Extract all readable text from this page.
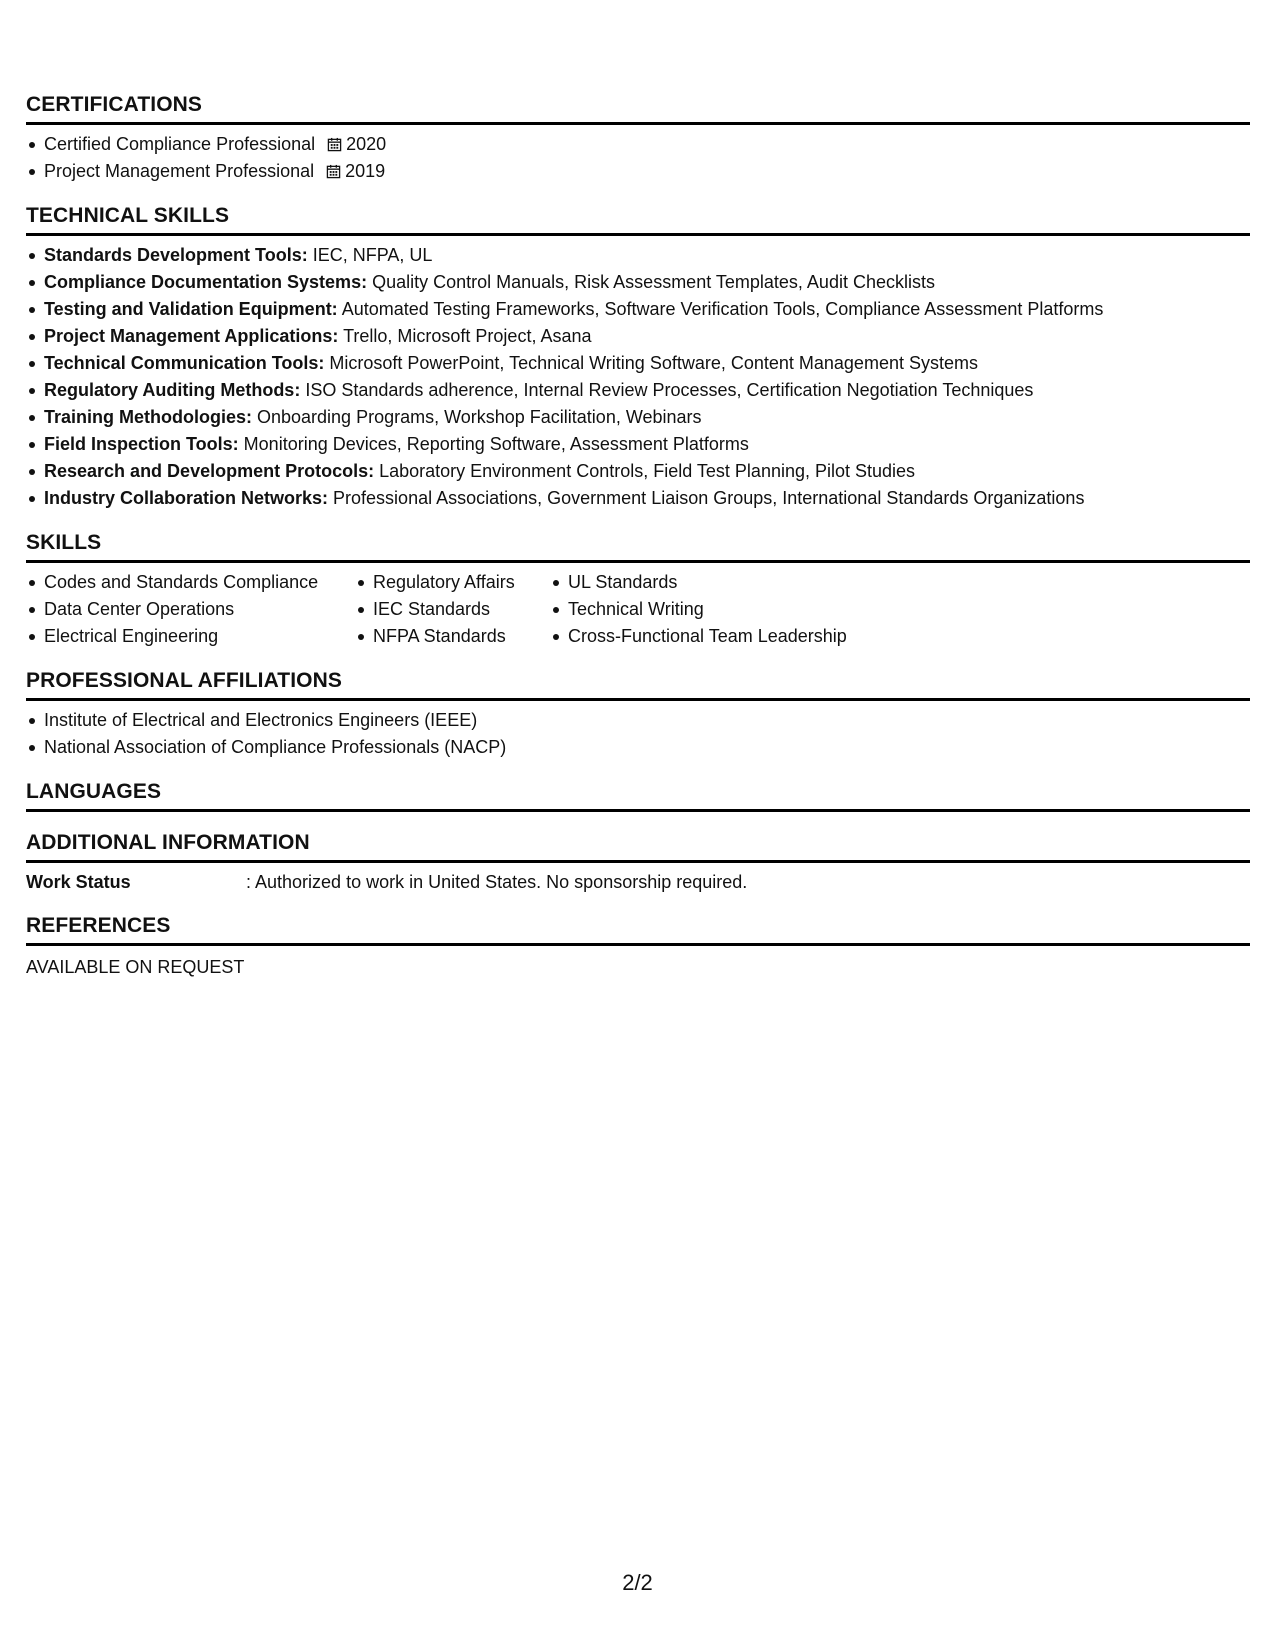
CERTIFICATIONS
Certified Compliance Professional 2020
Project Management Professional 2019
TECHNICAL SKILLS
Standards Development Tools: IEC, NFPA, UL
Compliance Documentation Systems: Quality Control Manuals, Risk Assessment Templates, Audit Checklists
Testing and Validation Equipment: Automated Testing Frameworks, Software Verification Tools, Compliance Assessment Platforms
Project Management Applications: Trello, Microsoft Project, Asana
Technical Communication Tools: Microsoft PowerPoint, Technical Writing Software, Content Management Systems
Regulatory Auditing Methods: ISO Standards adherence, Internal Review Processes, Certification Negotiation Techniques
Training Methodologies: Onboarding Programs, Workshop Facilitation, Webinars
Field Inspection Tools: Monitoring Devices, Reporting Software, Assessment Platforms
Research and Development Protocols: Laboratory Environment Controls, Field Test Planning, Pilot Studies
Industry Collaboration Networks: Professional Associations, Government Liaison Groups, International Standards Organizations
SKILLS
Codes and Standards Compliance
Data Center Operations
Electrical Engineering
Regulatory Affairs
IEC Standards
NFPA Standards
UL Standards
Technical Writing
Cross-Functional Team Leadership
PROFESSIONAL AFFILIATIONS
Institute of Electrical and Electronics Engineers (IEEE)
National Association of Compliance Professionals (NACP)
LANGUAGES
ADDITIONAL INFORMATION
Work Status	: Authorized to work in United States. No sponsorship required.
REFERENCES
AVAILABLE ON REQUEST
2/2
